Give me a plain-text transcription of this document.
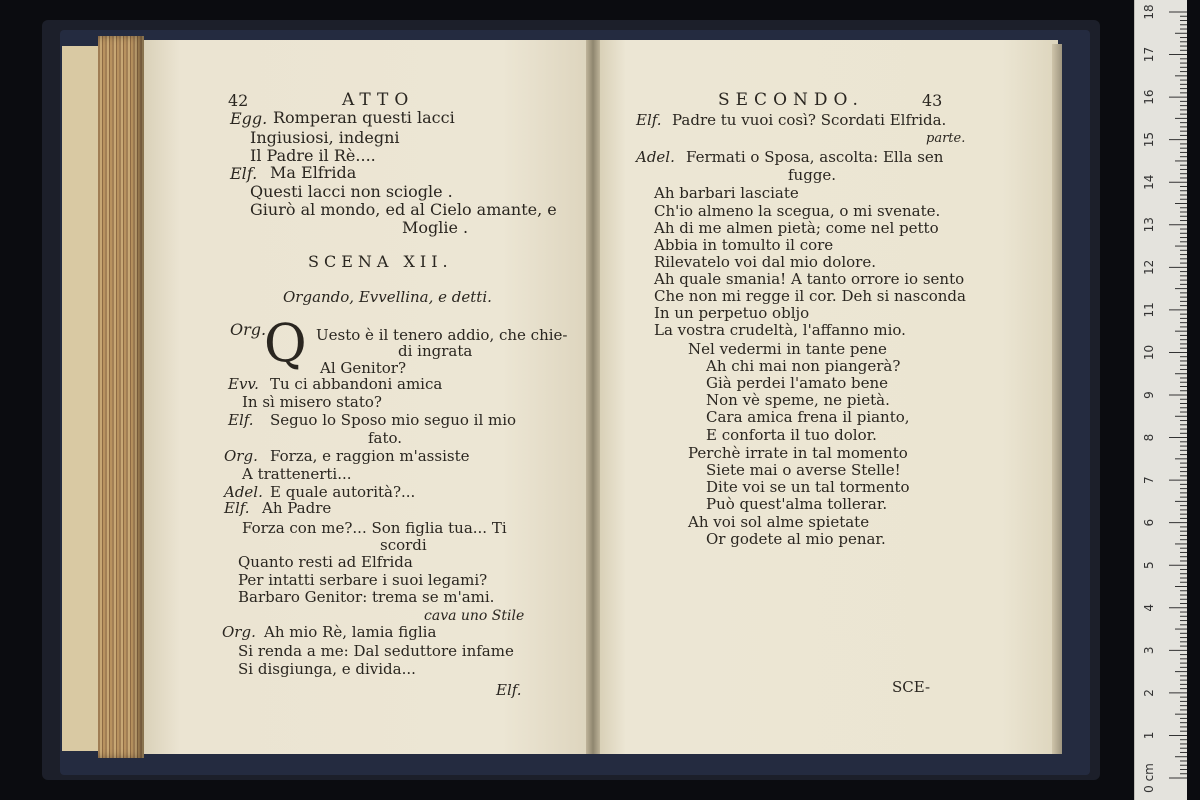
42	ATTO
Egg. Romperan questi lacci
Ingiusiosi, indegni
Il Padre il Rè....
Elf. Ma Elfrida
Questi lacci non sciogle .
Giurò al mondo, ed al Cielo amante, e
Moglie .
SCENA XII.
Orgando, Evvellina, e detti.
Org.
Q Uesto è il tenero addio, che chie-
di ingrata
Al Genitor?
Evv. Tu ci abbandoni amica
In sì misero stato?
Elf. Seguo lo Sposo mio seguo il mio
fato.
Org. Forza, e raggion m'assiste
A trattenerti...
Adel. E quale autorità?...
Elf. Ah Padre
Forza con me?... Son figlia tua... Ti
scordi
Quanto resti ad Elfrida
Per intatti serbare i suoi legami?
Barbaro Genitor: trema se m'ami.
cava uno Stile
Org. Ah mio Rè, lamia figlia
Si renda a me: Dal seduttore infame
Si disgiunga, e divida...
Elf.
SECONDO.	43
Elf. Padre tu vuoi così? Scordati Elfrida.
parte.
Adel. Fermati o Sposa, ascolta: Ella sen
fugge.
Ah barbari lasciate
Ch'io almeno la scegua, o mi svenate.
Ah di me almen pietà; come nel petto
Abbia in tomulto il core
Rilevatelo voi dal mio dolore.
Ah quale smania! A tanto orrore io sento
Che non mi regge il cor. Deh si nasconda
In un perpetuo obljo
La vostra crudeltà, l'affanno mio.
Nel vedermi in tante pene
Ah chi mai non piangerà?
Già perdei l'amato bene
Non vè speme, ne pietà.
Cara amica frena il pianto,
E conforta il tuo dolor.
Perchè irrate in tal momento
Siete mai o averse Stelle!
Dite voi se un tal tormento
Può quest'alma tollerar.
Ah voi sol alme spietate
Or godete al mio penar.
SCE-
18
17
16
15
14
13
12
11
10
9
8
7
6
5
4
3
2
1
0 cm
